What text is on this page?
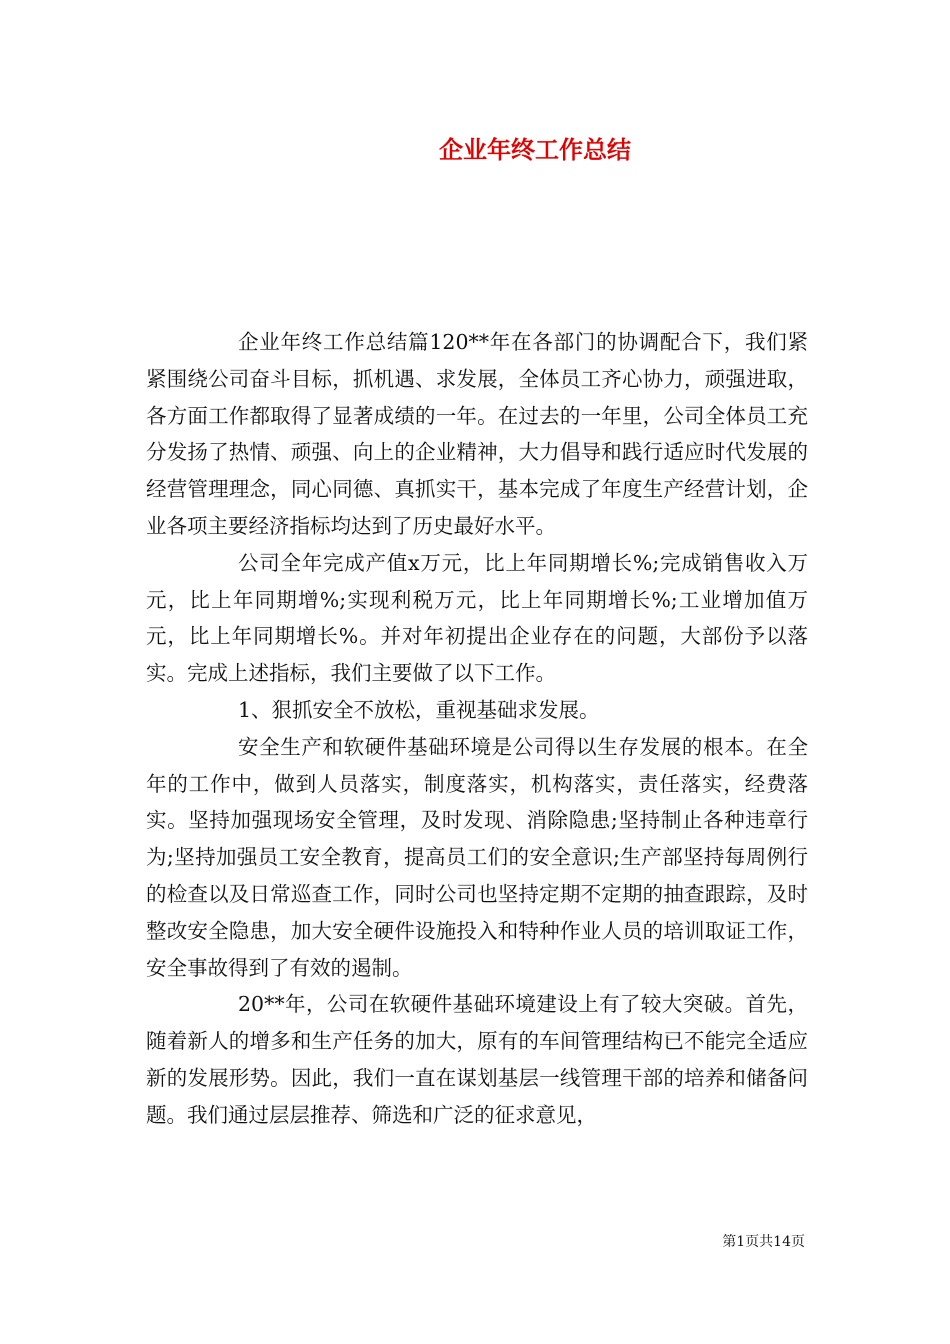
企业年终工作总结

企业年终工作总结篇120**年在各部门的协调配合下，我们紧紧围绕公司奋斗目标，抓机遇、求发展，全体员工齐心协力，顽强进取，各方面工作都取得了显著成绩的一年。在过去的一年里，公司全体员工充分发扬了热情、顽强、向上的企业精神，大力倡导和践行适应时代发展的经营管理理念，同心同德、真抓实干，基本完成了年度生产经营计划，企业各项主要经济指标均达到了历史最好水平。

公司全年完成产值x万元，比上年同期增长%;完成销售收入万元，比上年同期增%;实现利税万元，比上年同期增长%;工业增加值万元，比上年同期增长%。并对年初提出企业存在的问题，大部份予以落实。完成上述指标，我们主要做了以下工作。

1、狠抓安全不放松，重视基础求发展。

安全生产和软硬件基础环境是公司得以生存发展的根本。在全年的工作中，做到人员落实，制度落实，机构落实，责任落实，经费落实。坚持加强现场安全管理，及时发现、消除隐患;坚持制止各种违章行为;坚持加强员工安全教育，提高员工们的安全意识;生产部坚持每周例行的检查以及日常巡查工作，同时公司也坚持定期不定期的抽查跟踪，及时整改安全隐患，加大安全硬件设施投入和特种作业人员的培训取证工作，安全事故得到了有效的遏制。

20**年，公司在软硬件基础环境建设上有了较大突破。首先，随着新人的增多和生产任务的加大，原有的车间管理结构已不能完全适应新的发展形势。因此，我们一直在谋划基层一线管理干部的培养和储备问题。我们通过层层推荐、筛选和广泛的征求意见，

第1页共14页
